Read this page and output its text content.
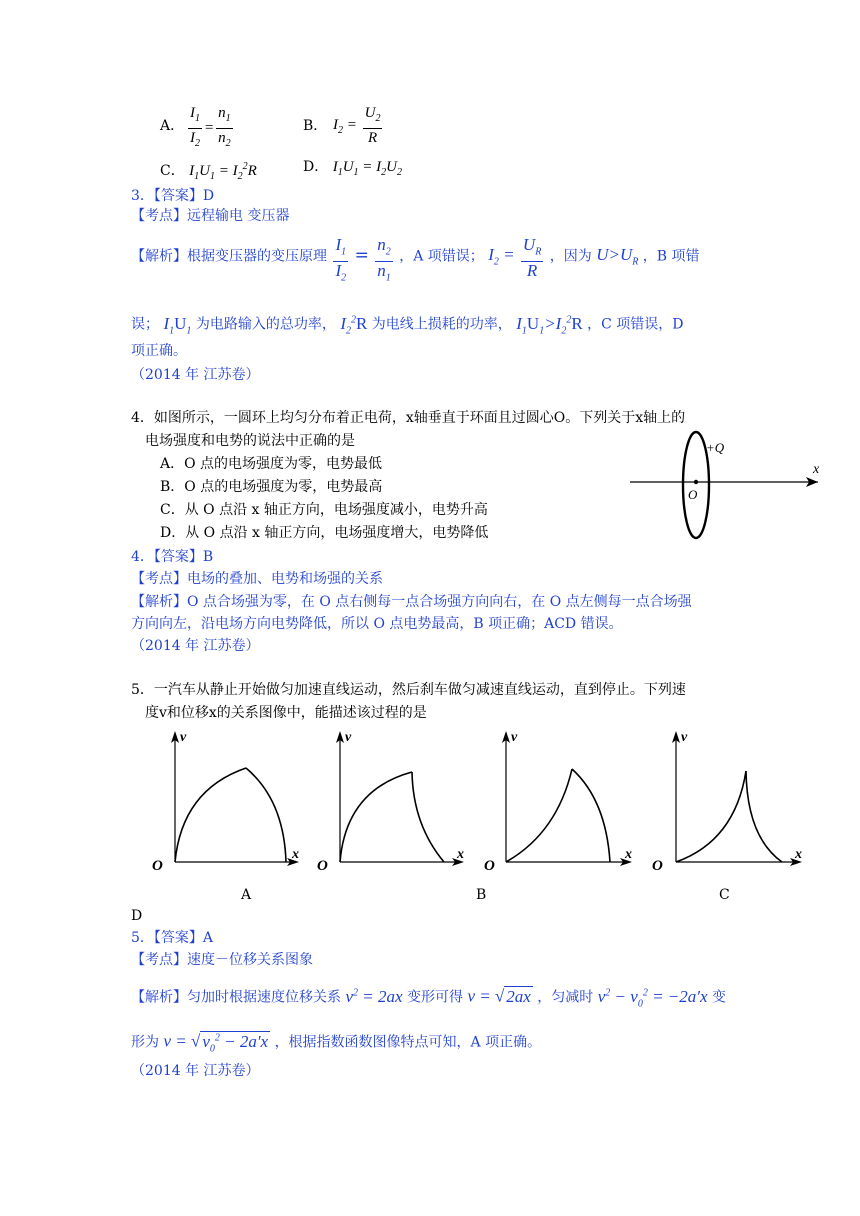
A． $\frac{I_1}{I_2} = \frac{n_1}{n_2}$	B． $I_2 = \frac{U_2}{R}$
C． $I_1U_1 = I_2^2R$	D． $I_1U_1 = I_2U_2$
3．【答案】D
【考点】远程输电 变压器
【解析】根据变压器的变压原理 $\frac{I_1}{I_2} = \frac{n_2}{n_1}$ ，A 项错误； $I_2 = \frac{U_R}{R}$ ，因为 $U>U_R$ ，B 项错
误； $I_1U_1$ 为电路输入的总功率， $I_2^2R$ 为电线上损耗的功率， $I_1U_1>I_2^2R$ ，C 项错误，D
项正确。
（2014 年 江苏卷）
4．如图所示，一圆环上均匀分布着正电荷，x轴垂直于环面且过圆心O。下列关于x轴上的
电场强度和电势的说法中正确的是
A．O 点的电场强度为零，电势最低
B．O 点的电场强度为零，电势最高
C．从 O 点沿 x 轴正方向，电场强度减小，电势升高
D．从 O 点沿 x 轴正方向，电场强度增大，电势降低
+Q
x
O
4．【答案】B
【考点】电场的叠加、电势和场强的关系
【解析】O 点合场强为零，在 O 点右侧每一点合场强方向向右，在 O 点左侧每一点合场强
方向向左，沿电场方向电势降低，所以 O 点电势最高，B 项正确；ACD 错误。
（2014 年 江苏卷）
5．一汽车从静止开始做匀加速直线运动，然后刹车做匀减速直线运动，直到停止。下列速
度v和位移x的关系图像中，能描述该过程的是
v
x
O
v
x
O
v
x
O
v
x
O
A	B	C
D
5．【答案】A
【考点】速度－位移关系图象
【解析】匀加时根据速度位移关系 $v^2 = 2ax$ 变形可得 v = √ 2ax ，匀减时 $v^2 - v_0^2 = -2a'x$ 变
形为 v = √ $v_0^2 - 2a'x$ ，根据指数函数图像特点可知，A 项正确。
（2014 年 江苏卷）
